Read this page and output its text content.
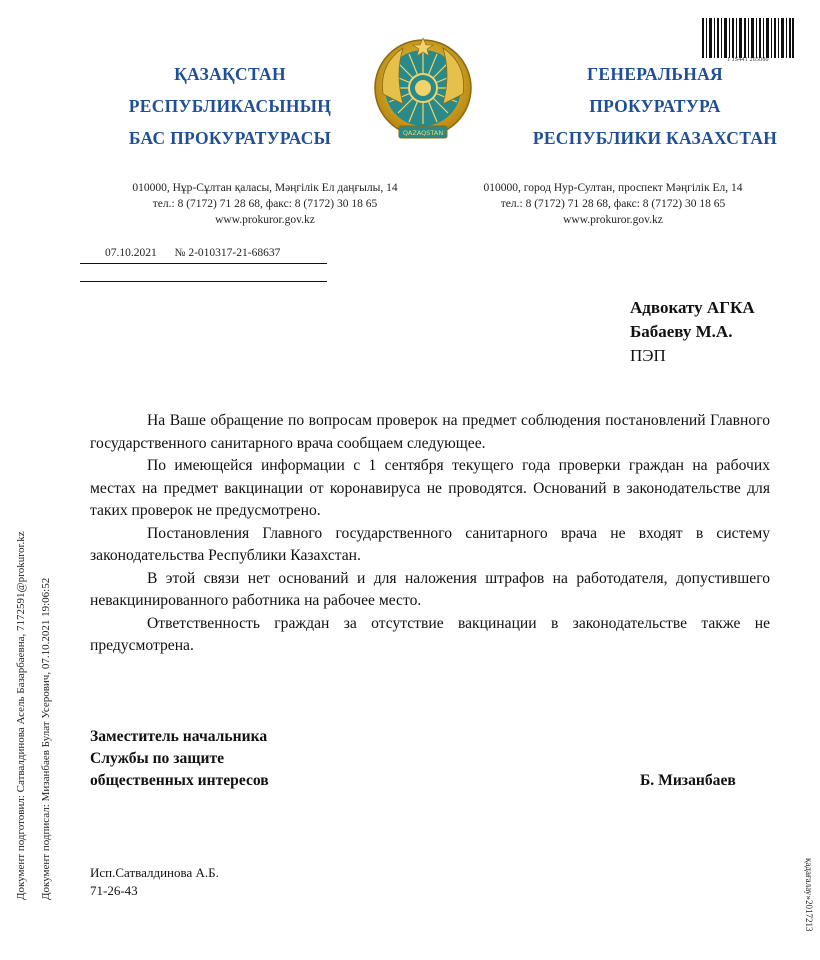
ҚАЗАҚСТАН
РЕСПУБЛИКАСЫНЫҢ
БАС ПРОКУРАТУРАСЫ	QAZAQSTAN
ГЕНЕРАЛЬНАЯ
ПРОКУРАТУРА
РЕСПУБЛИКИ КАЗАХСТАН
1 JS441 265080
010000, Нұр-Сұлтан қаласы, Мәңгілік Ел даңғылы, 14
тел.: 8 (7172) 71 28 68, факс: 8 (7172) 30 18 65
www.prokuror.gov.kz
010000, город Нур-Султан, проспект Мәңгілік Ел, 14
тел.: 8 (7172) 71 28 68, факс: 8 (7172) 30 18 65
www.prokuror.gov.kz
07.10.2021 № 2-010317-21-68637
Адвокату АГКА
Бабаеву М.А.
ПЭП

На Ваше обращение по вопросам проверок на предмет соблюдения постановлений Главного государственного санитарного врача сообщаем следующее.

По имеющейся информации с 1 сентября текущего года проверки граждан на рабочих местах на предмет вакцинации от коронавируса не проводятся. Оснований в законодательстве для таких проверок не предусмотрено.

Постановления Главного государственного санитарного врача не входят в систему законодательства Республики Казахстан.

В этой связи нет оснований и для наложения штрафов на работодателя, допустившего невакцинированного работника на рабочее место.

Ответственность граждан за отсутствие вакцинации в законодательстве также не предусмотрена.

Заместитель начальника
Службы по защите
общественных интересов	Б. Мизанбаев
Исп.Сатвалдинова А.Б.
71-26-43
Документ подготовил: Сатвалдинова Асель Базарбаевна, 7172591@prokuror.kz Документ подписал: Мизанбаев Булат Усерович, 07.10.2021 19:06:52	қадағалау»2017213
